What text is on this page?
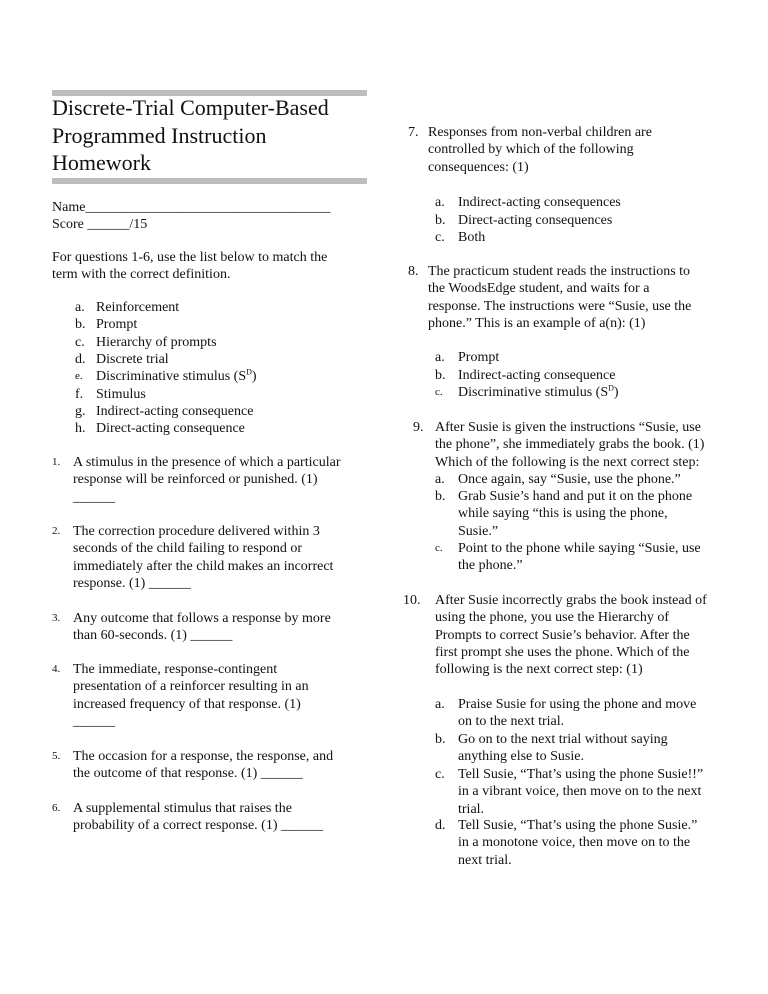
Discrete-Trial Computer-Based
Programmed Instruction
Homework
Name___________________________________
Score ______/15
For questions 1-6, use the list below to match the
term with the correct definition.
a. Reinforcement
b. Prompt
c. Hierarchy of prompts
d. Discrete trial
e. Discriminative stimulus $(S^D)$
f. Stimulus
g. Indirect-acting consequence
h. Direct-acting consequence
1. A stimulus in the presence of which a particular
response will be reinforced or punished. (1)
______
2. The correction procedure delivered within 3
seconds of the child failing to respond or
immediately after the child makes an incorrect
response. (1) ______
3. Any outcome that follows a response by more
than 60-seconds. (1) ______
4. The immediate, response-contingent
presentation of a reinforcer resulting in an
increased frequency of that response. (1)
______
5. The occasion for a response, the response, and
the outcome of that response. (1) ______
6. A supplemental stimulus that raises the
probability of a correct response. (1) ______
7. Responses from non-verbal children are
controlled by which of the following
consequences: (1)
a. Indirect-acting consequences
b. Direct-acting consequences
c. Both
8. The practicum student reads the instructions to
the WoodsEdge student, and waits for a
response. The instructions were “Susie, use the
phone.” This is an example of a(n): (1)
a. Prompt
b. Indirect-acting consequence
c. Discriminative stimulus $(S^D)$
9. After Susie is given the instructions “Susie, use
the phone”, she immediately grabs the book. (1)
Which of the following is the next correct step:
a. Once again, say “Susie, use the phone.”
b. Grab Susie’s hand and put it on the phone
while saying “this is using the phone,
Susie.”
c. Point to the phone while saying “Susie, use
the phone.”
10. After Susie incorrectly grabs the book instead of
using the phone, you use the Hierarchy of
Prompts to correct Susie’s behavior. After the
first prompt she uses the phone. Which of the
following is the next correct step: (1)
a. Praise Susie for using the phone and move
on to the next trial.
b. Go on to the next trial without saying
anything else to Susie.
c. Tell Susie, “That’s using the phone Susie!!”
in a vibrant voice, then move on to the next
trial.
d. Tell Susie, “That’s using the phone Susie.”
in a monotone voice, then move on to the
next trial.
